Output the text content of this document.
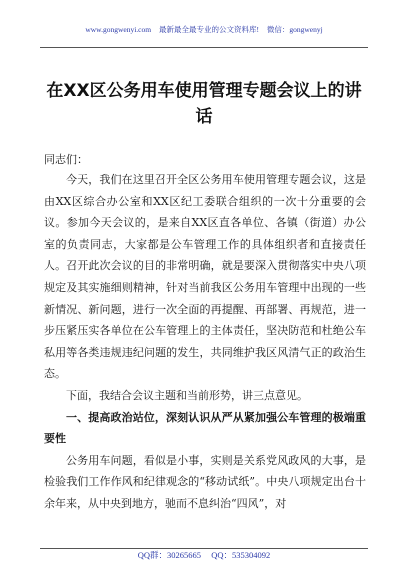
www.gongwenyi.com 最新最全最专业的公文资料库! 微信：gongwenyj
在XX区公务用车使用管理专题会议上的讲话
同志们：

今天，我们在这里召开全区公务用车使用管理专题会议，这是由XX区综合办公室和XX区纪工委联合组织的一次十分重要的会议。参加今天会议的，是来自XX区直各单位、各镇（街道）办公室的负责同志，大家都是公车管理工作的具体组织者和直接责任人。召开此次会议的目的非常明确，就是要深入贯彻落实中央八项规定及其实施细则精神，针对当前我区公务用车管理中出现的一些新情况、新问题，进行一次全面的再提醒、再部署、再规范，进一步压紧压实各单位在公车管理上的主体责任，坚决防范和杜绝公车私用等各类违规违纪问题的发生，共同维护我区风清气正的政治生态。

下面，我结合会议主题和当前形势，讲三点意见。

一、提高政治站位，深刻认识从严从紧加强公车管理的极端重要性

公务用车问题，看似是小事，实则是关系党风政风的大事，是检验我们工作作风和纪律观念的“移动试纸”。中央八项规定出台十余年来，从中央到地方，驰而不息纠治“四风”，对

QQ群：30265665 QQ：535304092
